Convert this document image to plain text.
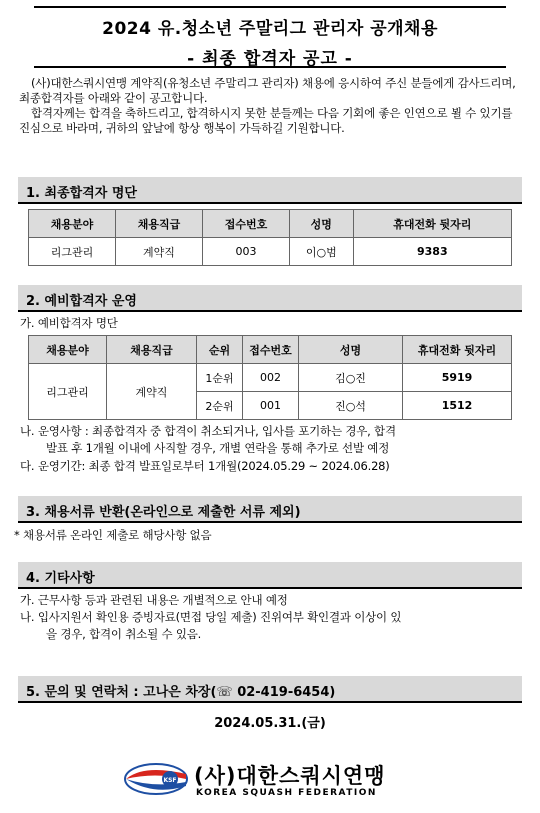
2024 유.청소년 주말리그 관리자 공개채용
- 최종 합격자 공고 -

(사)대한스쿼시연맹 계약직(유청소년 주말리그 관리자) 채용에 응시하여 주신 분들에게 감사드리며, 최종합격자를 아래와 같이 공고합니다.

합격자께는 합격을 축하드리고, 합격하시지 못한 분들께는 다음 기회에 좋은 인연으로 뵐 수 있기를 진심으로 바라며, 귀하의 앞날에 항상 행복이 가득하길 기원합니다.

1. 최종합격자 명단
채용분야	채용직급	접수번호	성명	휴대전화 뒷자리
리그관리	계약직	003	이○범	9383
2. 예비합격자 운영
가. 예비합격자 명단
채용분야	채용직급	순위	접수번호	성명	휴대전화 뒷자리
리그관리	계약직	1순위	002	김○진	5919
		2순위	001	진○석	1512
나. 운영사항 : 최종합격자 중 합격이 취소되거나, 입사를 포기하는 경우, 합격
발표 후 1개월 이내에 사직할 경우, 개별 연락을 통해 추가로 선발 예정
다. 운영기간: 최종 합격 발표일로부터 1개월(2024.05.29 ~ 2024.06.28)
3. 채용서류 반환(온라인으로 제출한 서류 제외)
* 채용서류 온라인 제출로 해당사항 없음
4. 기타사항
가. 근무사항 등과 관련된 내용은 개별적으로 안내 예정
나. 입사지원서 확인용 증빙자료(면접 당일 제출) 진위여부 확인결과 이상이 있
을 경우, 합격이 취소될 수 있음.
5. 문의 및 연락처 : 고나은 차장(☏ 02-419-6454)
2024.05.31.(금)
KSF (사)대한스쿼시연맹
KOREA SQUASH FEDERATION
